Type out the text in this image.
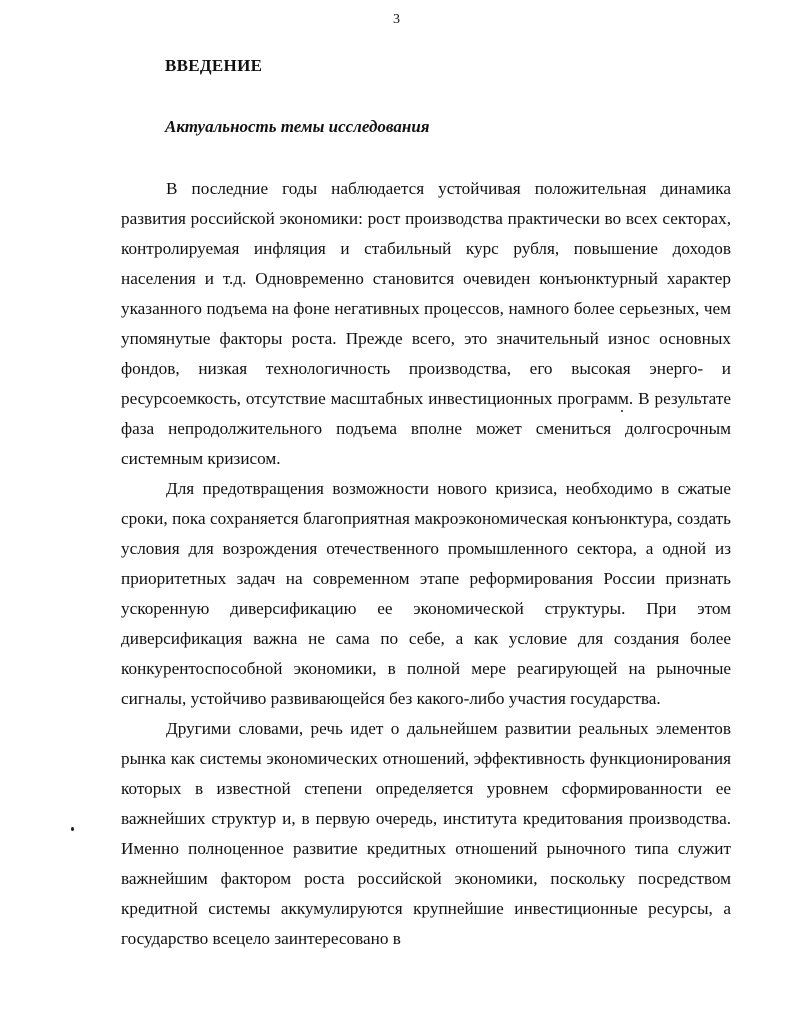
3
ВВЕДЕНИЕ
Актуальность темы исследования

В последние годы наблюдается устойчивая положительная динамика развития российской экономики: рост производства практически во всех секторах, контролируемая инфляция и стабильный курс рубля, повышение доходов населения и т.д. Одновременно становится очевиден конъюнктурный характер указанного подъема на фоне негативных процессов, намного более серьезных, чем упомянутые факторы роста. Прежде всего, это значительный износ основных фондов, низкая технологичность производства, его высокая энерго- и ресурсоемкость, отсутствие масштабных инвестиционных программ. В результате фаза непродолжительного подъема вполне может смениться долгосрочным системным кризисом.

Для предотвращения возможности нового кризиса, необходимо в сжатые сроки, пока сохраняется благоприятная макроэкономическая конъюнктура, создать условия для возрождения отечественного промышленного сектора, а одной из приоритетных задач на современном этапе реформирования России признать ускоренную диверсификацию ее экономической структуры. При этом диверсификация важна не сама по себе, а как условие для создания более конкурентоспособной экономики, в полной мере реагирующей на рыночные сигналы, устойчиво развивающейся без какого-либо участия государства.

Другими словами, речь идет о дальнейшем развитии реальных элементов рынка как системы экономических отношений, эффективность функционирования которых в известной степени определяется уровнем сформированности ее важнейших структур и, в первую очередь, института кредитования производства. Именно полноценное развитие кредитных отношений рыночного типа служит важнейшим фактором роста российской экономики, поскольку посредством кредитной системы аккумулируются крупнейшие инвестиционные ресурсы, а государство всецело заинтересовано в
